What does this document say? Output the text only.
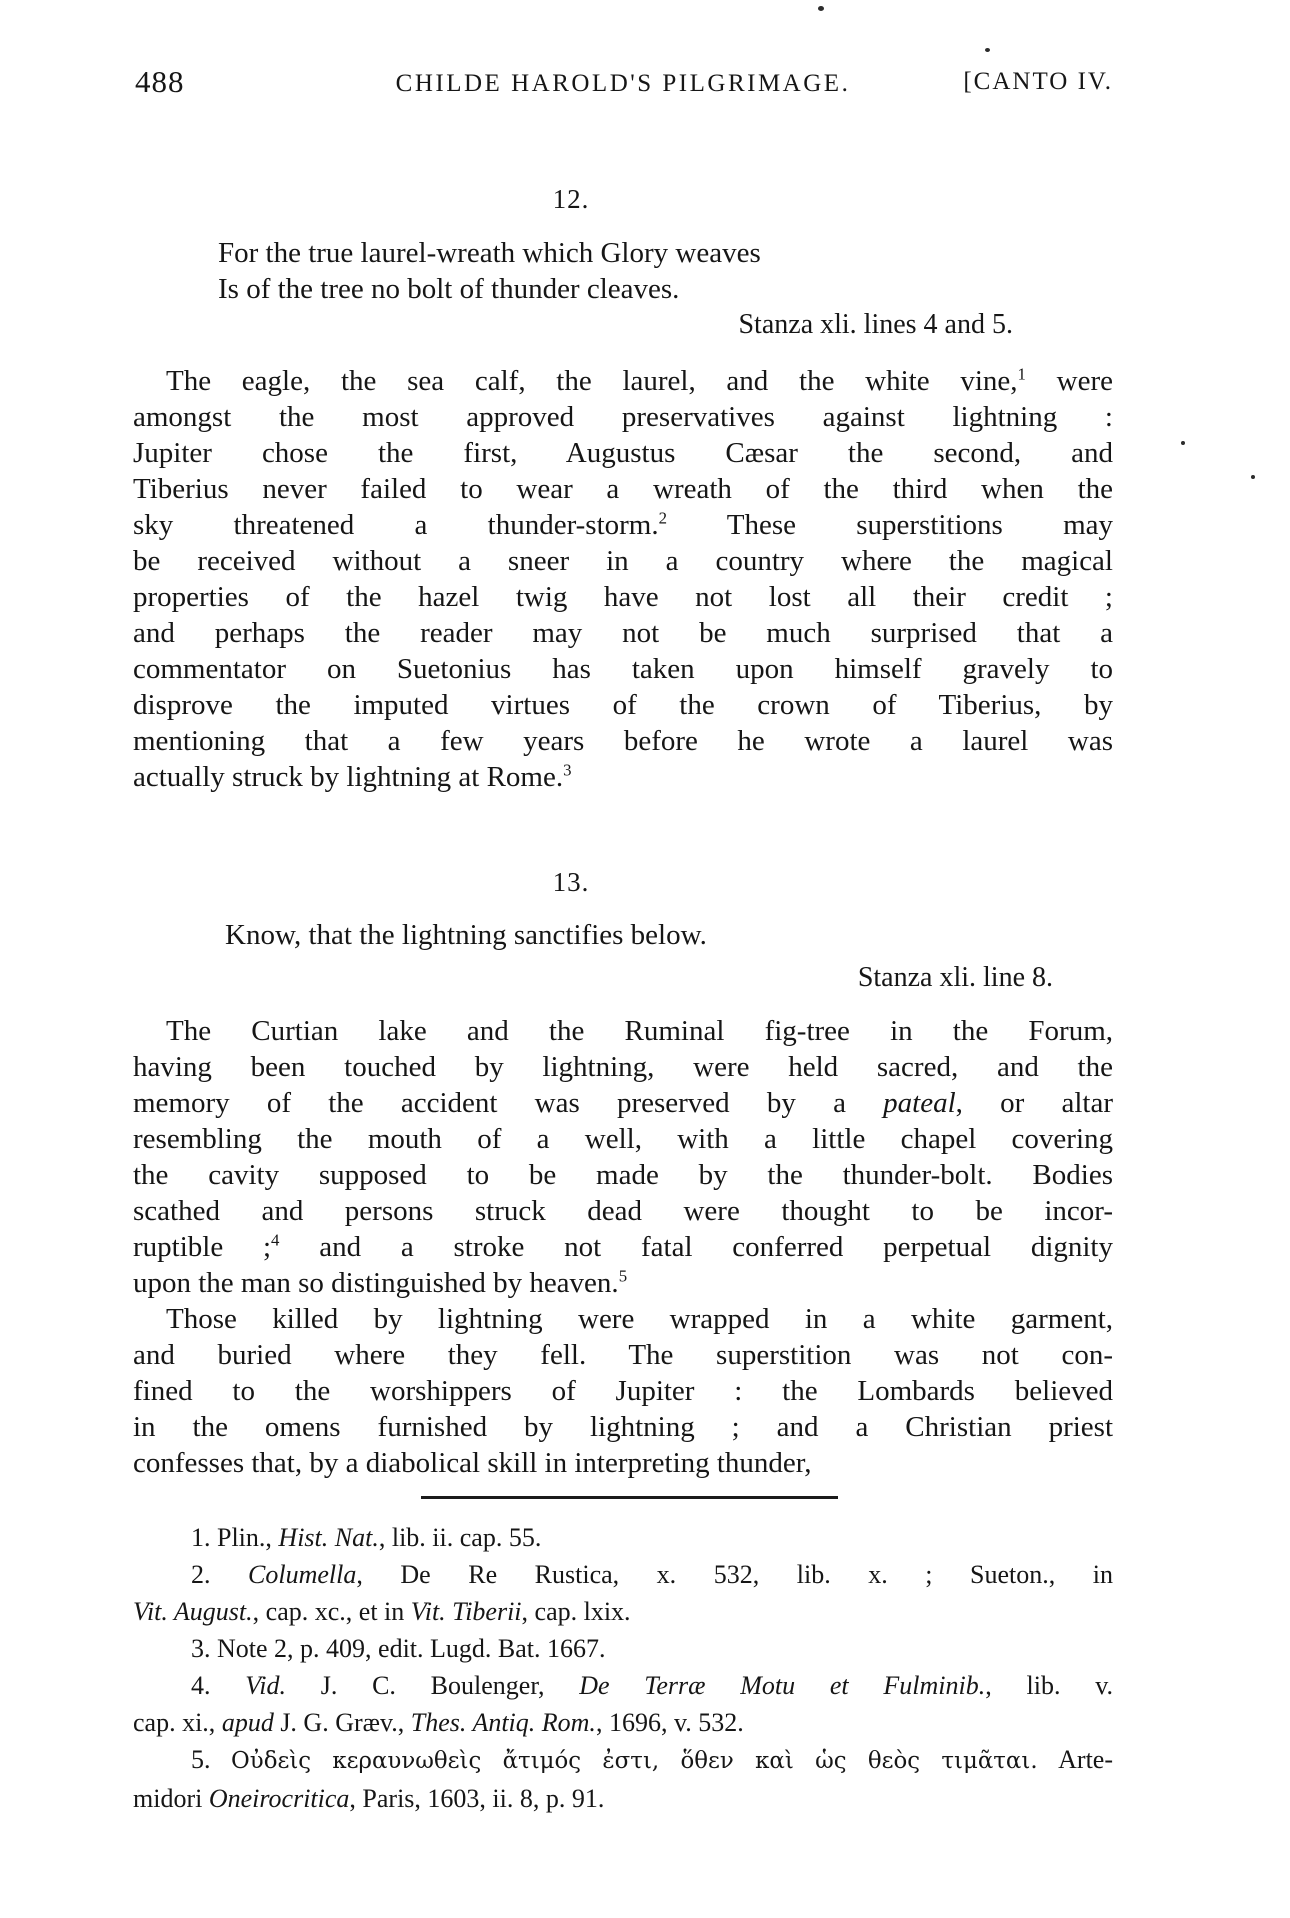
488	CHILDE HAROLD'S PILGRIMAGE.	[CANTO IV.
12.
For the true laurel-wreath which Glory weaves
Is of the tree no bolt of thunder cleaves.
Stanza xli. lines 4 and 5.
The eagle, the sea calf, the laurel, and the white vine,$^1$ were
amongst the most approved preservatives against lightning :
Jupiter chose the first, Augustus Cæsar the second, and
Tiberius never failed to wear a wreath of the third when the
sky threatened a thunder-storm.$^2$ These superstitions may
be received without a sneer in a country where the magical
properties of the hazel twig have not lost all their credit ;
and perhaps the reader may not be much surprised that a
commentator on Suetonius has taken upon himself gravely to
disprove the imputed virtues of the crown of Tiberius, by
mentioning that a few years before he wrote a laurel was
actually struck by lightning at Rome.$^3$
13.
Know, that the lightning sanctifies below.
Stanza xli. line 8.
The Curtian lake and the Ruminal fig-tree in the Forum,
having been touched by lightning, were held sacred, and the
memory of the accident was preserved by a pateal, or altar
resembling the mouth of a well, with a little chapel covering
the cavity supposed to be made by the thunder-bolt. Bodies
scathed and persons struck dead were thought to be incor-
ruptible ;$^4$ and a stroke not fatal conferred perpetual dignity
upon the man so distinguished by heaven.$^5$
Those killed by lightning were wrapped in a white garment,
and buried where they fell. The superstition was not con-
fined to the worshippers of Jupiter : the Lombards believed
in the omens furnished by lightning ; and a Christian priest
confesses that, by a diabolical skill in interpreting thunder,
1. Plin., Hist. Nat., lib. ii. cap. 55.
2. Columella, De Re Rustica, x. 532, lib. x. ; Sueton., in
Vit. August., cap. xc., et in Vit. Tiberii, cap. lxix.
3. Note 2, p. 409, edit. Lugd. Bat. 1667.
4. Vid. J. C. Boulenger, De Terræ Motu et Fulminib., lib. v.
cap. xi., apud J. G. Græv., Thes. Antiq. Rom., 1696, v. 532.
5. Οὐδεὶς κεραυνωθεὶς ἄτιμός ἐστι, ὅθεν καὶ ὡς θεὸς τιμᾶται. Arte-
midori Oneirocritica, Paris, 1603, ii. 8, p. 91.
